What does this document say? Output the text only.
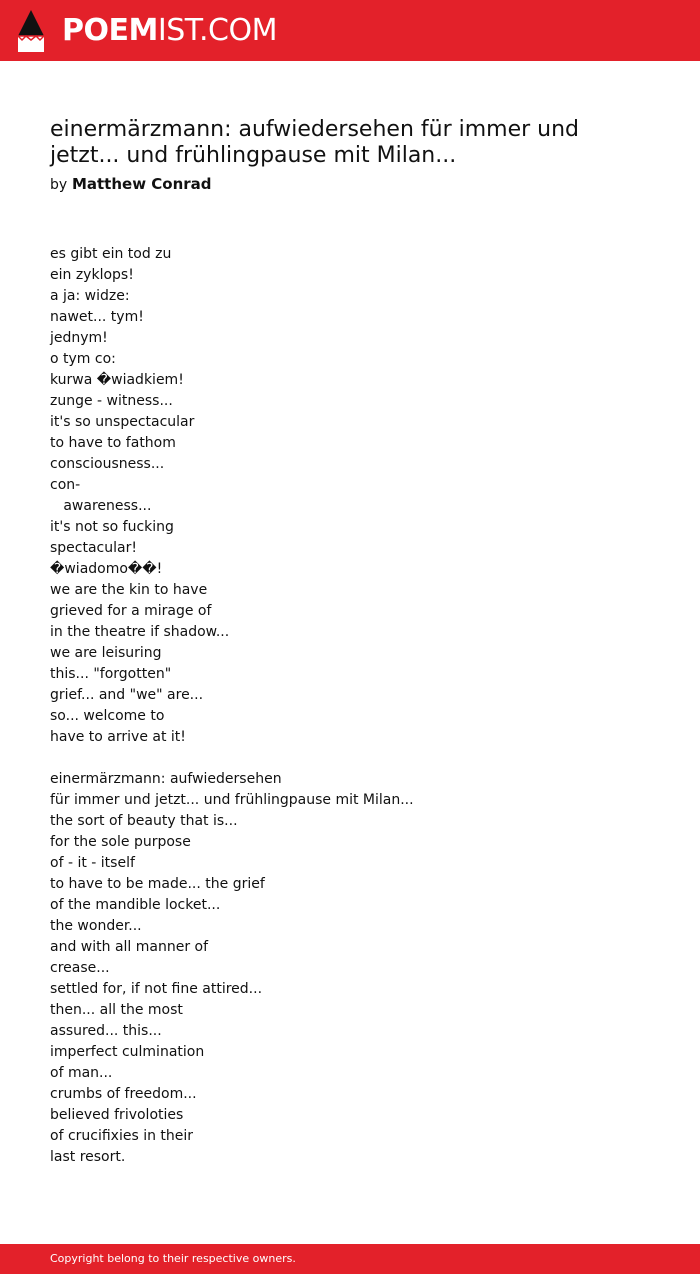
POEMIST.COM
einermärzmann: aufwiedersehen für immer und jetzt... und frühlingpause mit Milan...
by Matthew Conrad
es gibt ein tod zu
ein zyklops!
a ja: widze:
nawet... tym!
jednym!
o tym co:
kurwa �wiadkiem!
zunge - witness...
it's so unspectacular
to have to fathom
consciousness...
con-
awareness...
it's not so fucking
spectacular!
�wiadomo��!
we are the kin to have
grieved for a mirage of
in the theatre if shadow...
we are leisuring
this... "forgotten"
grief... and "we" are...
so... welcome to
have to arrive at it!
einermärzmann: aufwiedersehen
für immer und jetzt... und frühlingpause mit Milan...
the sort of beauty that is...
for the sole purpose
of - it - itself
to have to be made... the grief
of the mandible locket...
the wonder...
and with all manner of
crease...
settled for, if not fine attired...
then... all the most
assured... this...
imperfect culmination
of man...
crumbs of freedom...
believed frivoloties
of crucifixies in their
last resort.
Copyright belong to their respective owners.
